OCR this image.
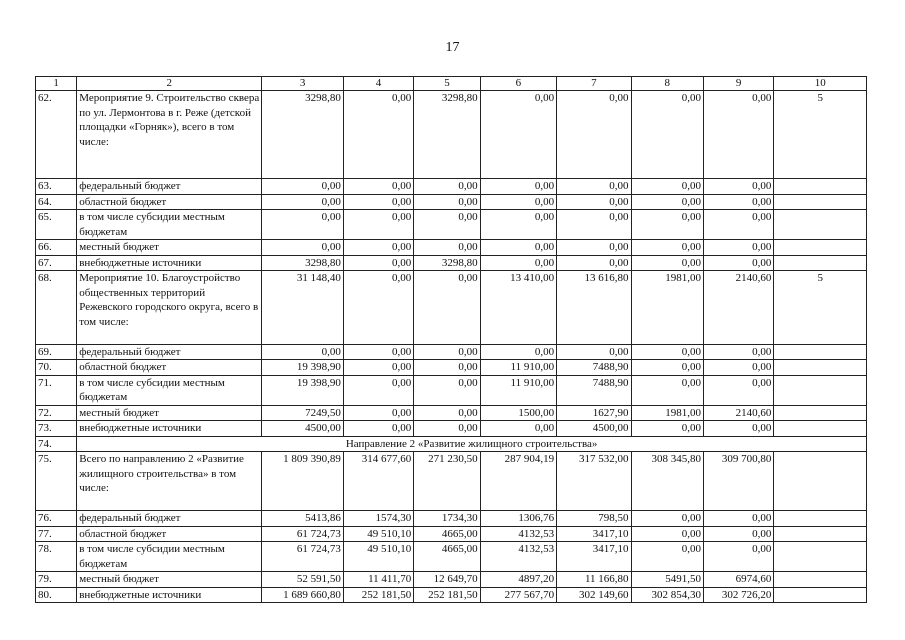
17
1	2	3	4	5	6	7	8	9	10
62.	Мероприятие 9. Строительство сквера по ул. Лермонтова в г. Реже (детской площадки «Горняк»), всего в том числе:	3298,80	0,00	3298,80	0,00	0,00	0,00	0,00	5
63.	федеральный бюджет	0,00	0,00	0,00	0,00	0,00	0,00	0,00	
64.	областной бюджет	0,00	0,00	0,00	0,00	0,00	0,00	0,00	
65.	в том числе субсидии местным бюджетам	0,00	0,00	0,00	0,00	0,00	0,00	0,00	
66.	местный бюджет	0,00	0,00	0,00	0,00	0,00	0,00	0,00	
67.	внебюджетные источники	3298,80	0,00	3298,80	0,00	0,00	0,00	0,00	
68.	Мероприятие 10. Благоустройство общественных территорий Режевского городского округа, всего в том числе:	31 148,40	0,00	0,00	13 410,00	13 616,80	1981,00	2140,60	5
69.	федеральный бюджет	0,00	0,00	0,00	0,00	0,00	0,00	0,00	
70.	областной бюджет	19 398,90	0,00	0,00	11 910,00	7488,90	0,00	0,00	
71.	в том числе субсидии местным бюджетам	19 398,90	0,00	0,00	11 910,00	7488,90	0,00	0,00	
72.	местный бюджет	7249,50	0,00	0,00	1500,00	1627,90	1981,00	2140,60	
73.	внебюджетные источники	4500,00	0,00	0,00	0,00	4500,00	0,00	0,00	
74.	Направление 2 «Развитие жилищного строительства»								
75.	Всего по направлению 2 «Развитие жилищного строительства» в том числе:	1 809 390,89	314 677,60	271 230,50	287 904,19	317 532,00	308 345,80	309 700,80	
76.	федеральный бюджет	5413,86	1574,30	1734,30	1306,76	798,50	0,00	0,00	
77.	областной бюджет	61 724,73	49 510,10	4665,00	4132,53	3417,10	0,00	0,00	
78.	в том числе субсидии местным бюджетам	61 724,73	49 510,10	4665,00	4132,53	3417,10	0,00	0,00	
79.	местный бюджет	52 591,50	11 411,70	12 649,70	4897,20	11 166,80	5491,50	6974,60	
80.	внебюджетные источники	1 689 660,80	252 181,50	252 181,50	277 567,70	302 149,60	302 854,30	302 726,20	
